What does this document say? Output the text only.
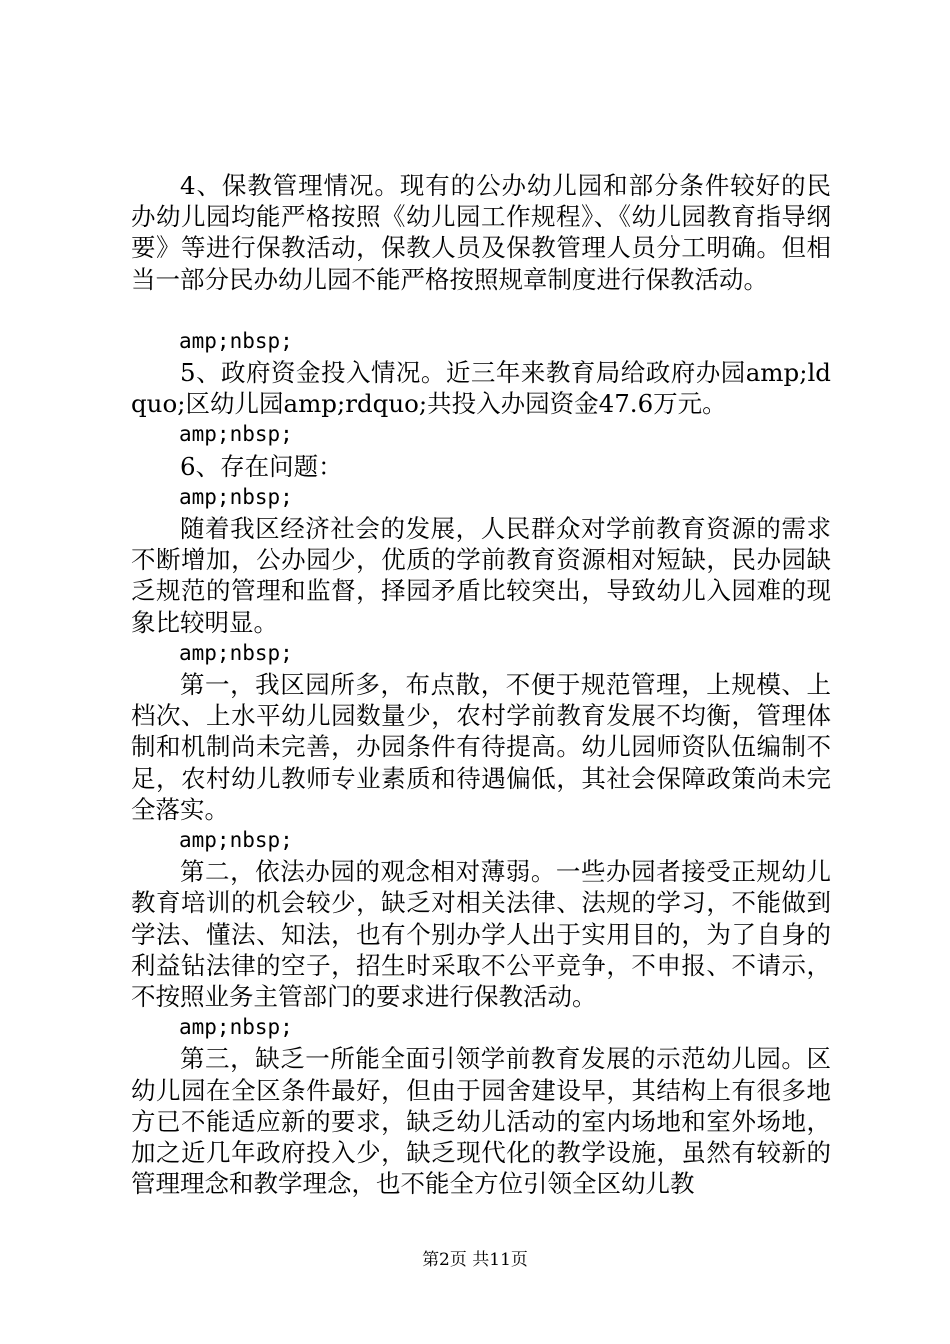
4、保教管理情况。现有的公办幼儿园和部分条件较好的民办幼儿园均能严格按照《幼儿园工作规程》、《幼儿园教育指导纲要》等进行保教活动，保教人员及保教管理人员分工明确。但相当一部分民办幼儿园不能严格按照规章制度进行保教活动。

amp;nbsp;

5、政府资金投入情况。近三年来教育局给政府办园amp;ldquo;区幼儿园amp;rdquo;共投入办园资金47.6万元。

amp;nbsp;

6、存在问题：

amp;nbsp;

随着我区经济社会的发展，人民群众对学前教育资源的需求不断增加，公办园少，优质的学前教育资源相对短缺，民办园缺乏规范的管理和监督，择园矛盾比较突出，导致幼儿入园难的现象比较明显。

amp;nbsp;

第一，我区园所多，布点散，不便于规范管理，上规模、上档次、上水平幼儿园数量少，农村学前教育发展不均衡，管理体制和机制尚未完善，办园条件有待提高。幼儿园师资队伍编制不足，农村幼儿教师专业素质和待遇偏低，其社会保障政策尚未完全落实。

amp;nbsp;

第二，依法办园的观念相对薄弱。一些办园者接受正规幼儿教育培训的机会较少，缺乏对相关法律、法规的学习，不能做到学法、懂法、知法，也有个别办学人出于实用目的，为了自身的利益钻法律的空子，招生时采取不公平竞争，不申报、不请示，不按照业务主管部门的要求进行保教活动。

amp;nbsp;

第三，缺乏一所能全面引领学前教育发展的示范幼儿园。区幼儿园在全区条件最好，但由于园舍建设早，其结构上有很多地方已不能适应新的要求，缺乏幼儿活动的室内场地和室外场地，加之近几年政府投入少，缺乏现代化的教学设施，虽然有较新的管理理念和教学理念，也不能全方位引领全区幼儿教

第2页 共11页
